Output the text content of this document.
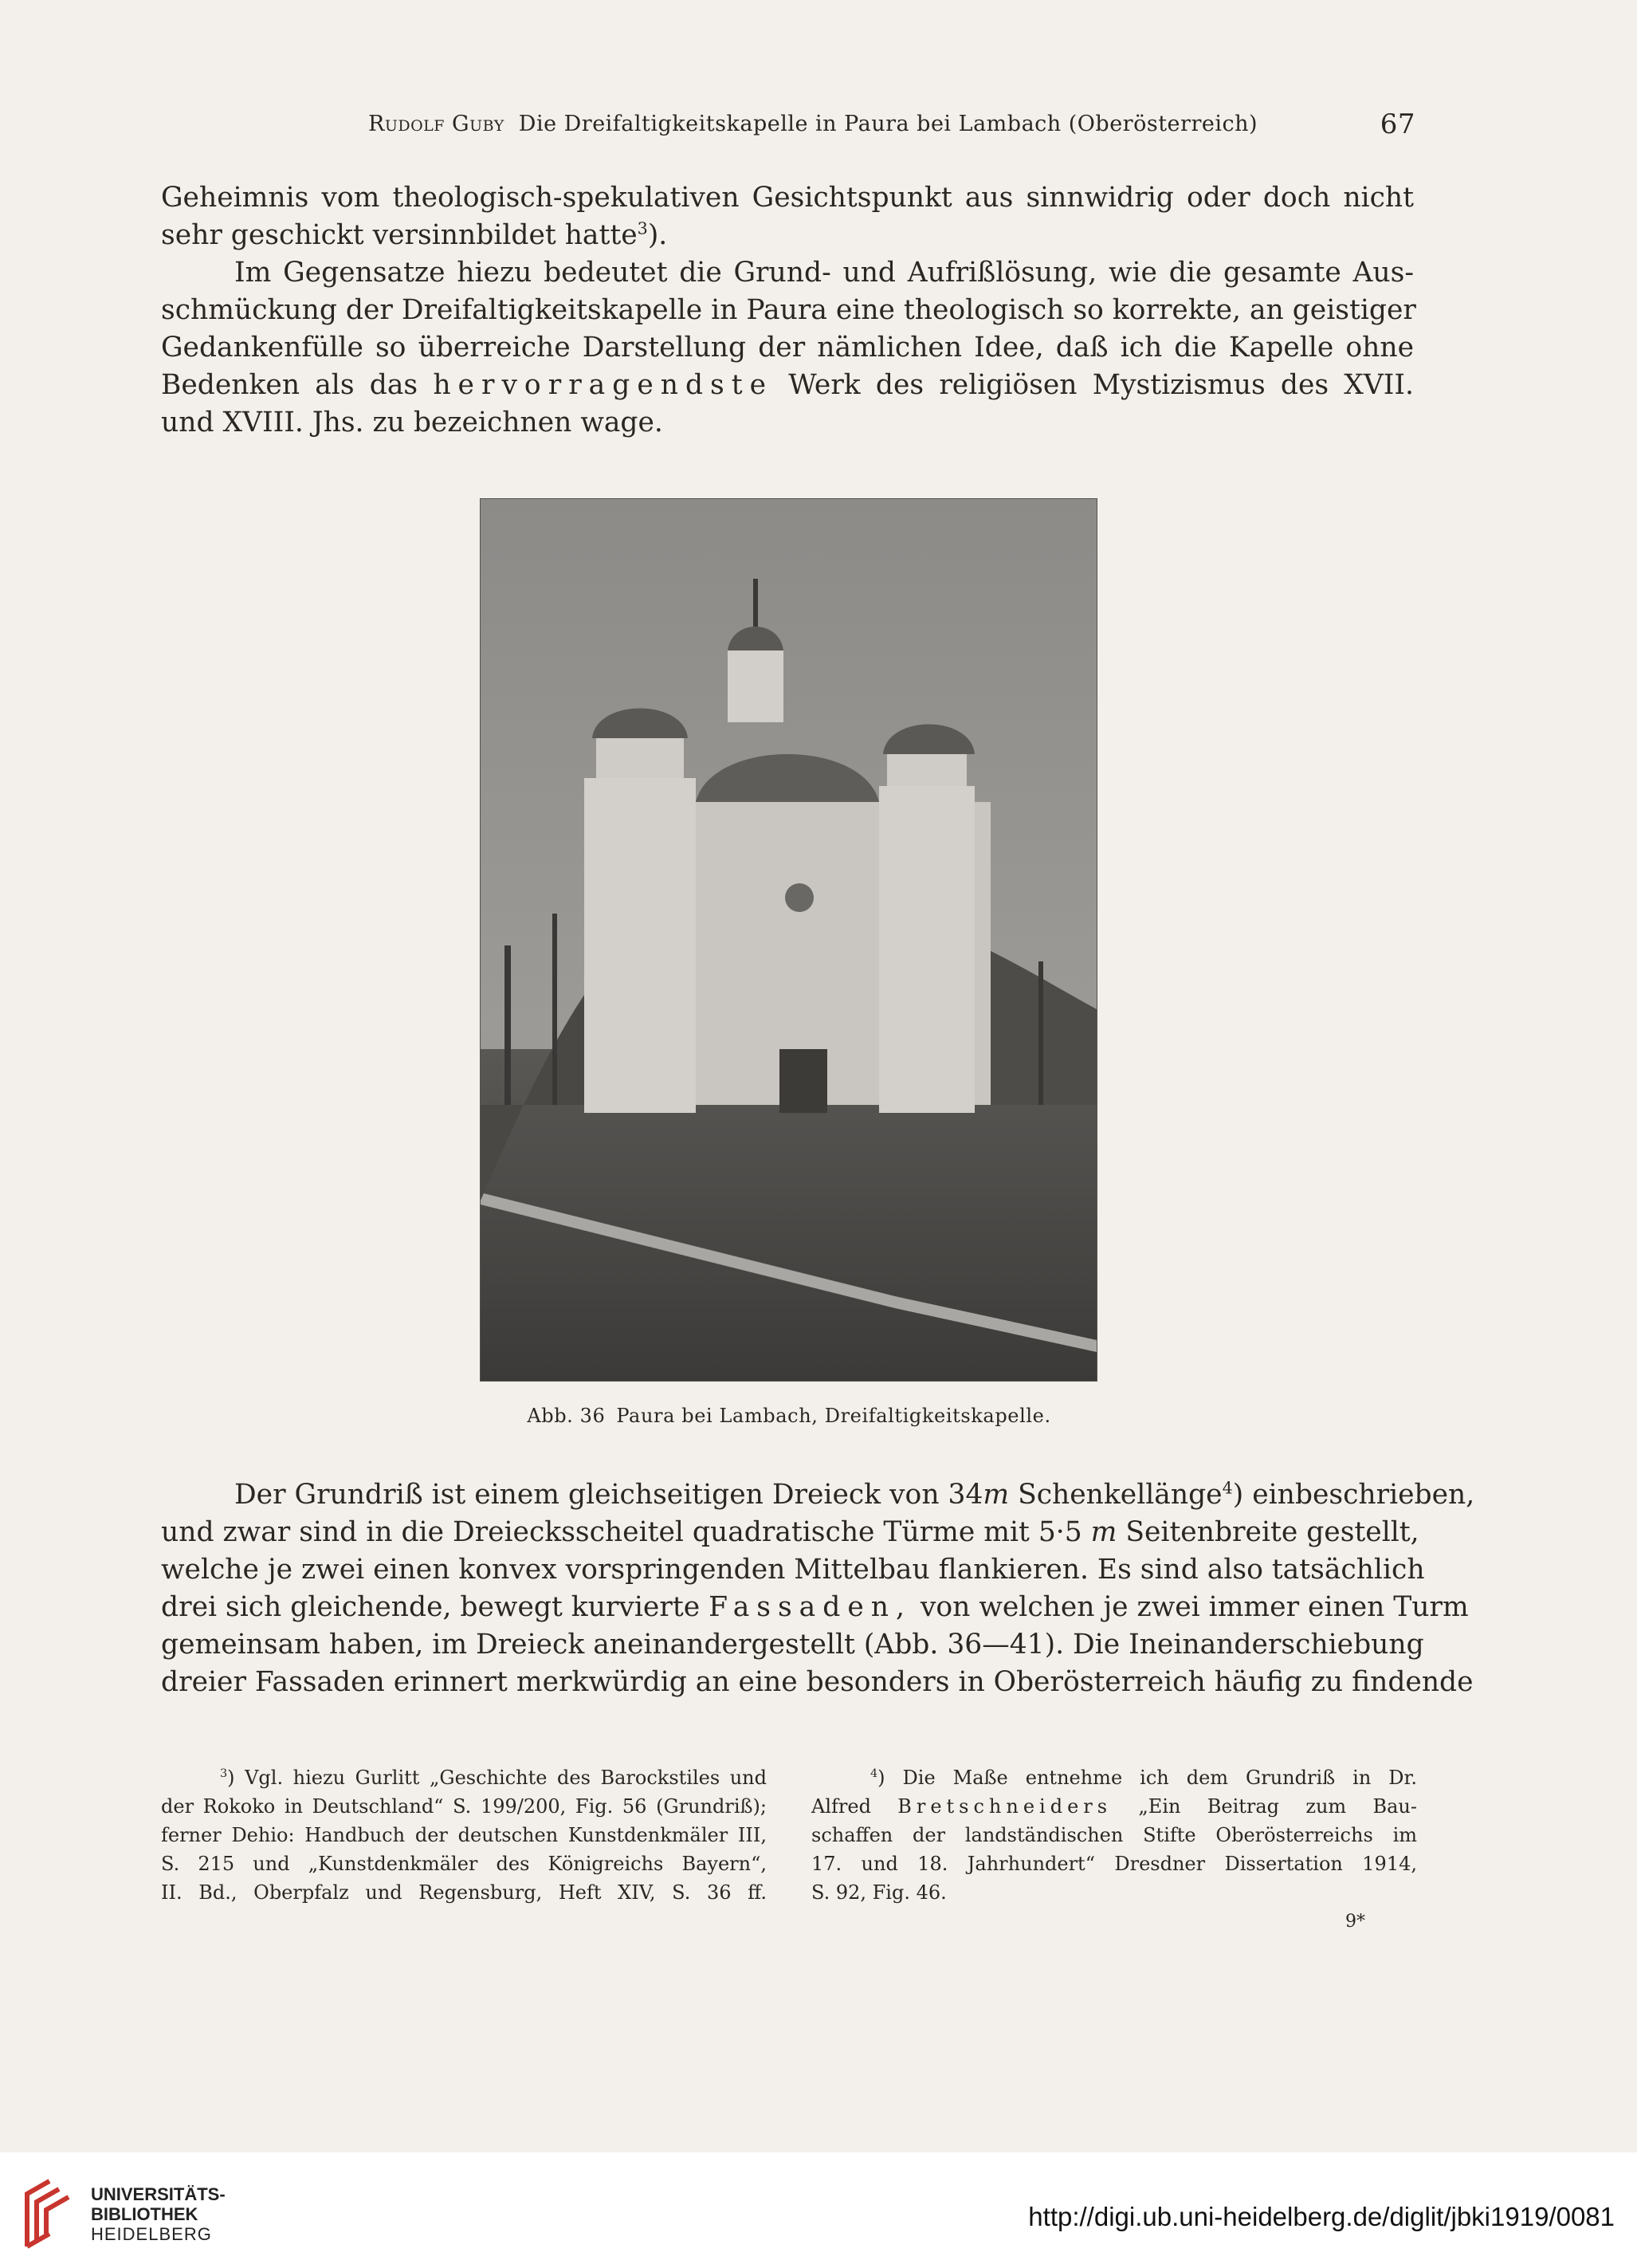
Rudolf Guby Die Dreifaltigkeitskapelle in Paura bei Lambach (Oberösterreich)	67
Geheimnis vom theologisch-spekulativen Gesichtspunkt aus sinnwidrig oder doch nicht
sehr geschickt versinnbildet hatte$^3$).
Im Gegensatze hiezu bedeutet die Grund- und Aufrißlösung, wie die gesamte Aus-
schmückung der Dreifaltigkeitskapelle in Paura eine theologisch so korrekte, an geistiger
Gedankenfülle so überreiche Darstellung der nämlichen Idee, daß ich die Kapelle ohne
Bedenken als das hervorragendste Werk des religiösen Mystizismus des XVII.
und XVIII. Jhs. zu bezeichnen wage.
Abb. 36 Paura bei Lambach, Dreifaltigkeitskapelle.
Der Grundriß ist einem gleichseitigen Dreieck von 34m Schenkellänge$^4$) einbeschrieben,
und zwar sind in die Dreiecksscheitel quadratische Türme mit 5·5 m Seitenbreite gestellt,
welche je zwei einen konvex vorspringenden Mittelbau flankieren. Es sind also tatsächlich
drei sich gleichende, bewegt kurvierte Fassaden, von welchen je zwei immer einen Turm
gemeinsam haben, im Dreieck aneinandergestellt (Abb. 36—41). Die Ineinanderschiebung
dreier Fassaden erinnert merkwürdig an eine besonders in Oberösterreich häufig zu findende
$^3$) Vgl. hiezu Gurlitt „Geschichte des Barockstiles und
der Rokoko in Deutschland“ S. 199/200, Fig. 56 (Grundriß);
ferner Dehio: Handbuch der deutschen Kunstdenkmäler III,
S. 215 und „Kunstdenkmäler des Königreichs Bayern“,
II. Bd., Oberpfalz und Regensburg, Heft XIV, S. 36 ff.
$^4$) Die Maße entnehme ich dem Grundriß in Dr.
Alfred Bretschneiders „Ein Beitrag zum Bau-
schaffen der landständischen Stifte Oberösterreichs im
17. und 18. Jahrhundert“ Dresdner Dissertation 1914,
S. 92, Fig. 46.
9*
UNIVERSITÄTS-
BIBLIOTHEK
HEIDELBERG
http://digi.ub.uni-heidelberg.de/diglit/jbki1919/0081
